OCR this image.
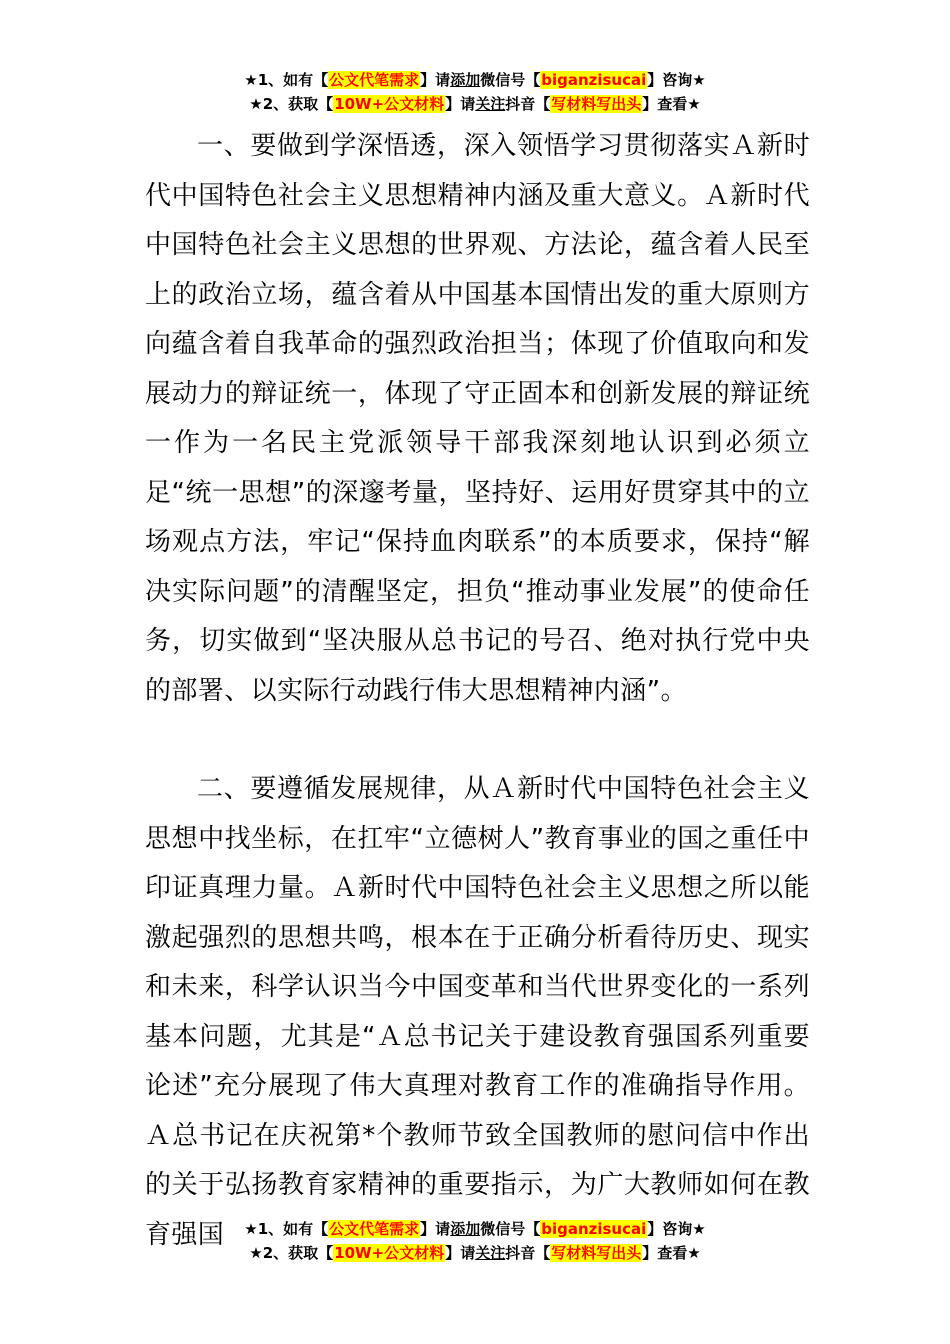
★1、如有【公文代笔需求】请添加微信号【biganzisucai】咨询★
★2、获取【10W+公文材料】请关注抖音【写材料写出头】查看★

一、要做到学深悟透，深入领悟学习贯彻落实Ａ新时代中国特色社会主义思想精神内涵及重大意义。Ａ新时代中国特色社会主义思想的世界观、方法论，蕴含着人民至上的政治立场，蕴含着从中国基本国情出发的重大原则方向蕴含着自我革命的强烈政治担当；体现了价值取向和发展动力的辩证统一，体现了守正固本和创新发展的辩证统一作为一名民主党派领导干部我深刻地认识到必须立足“统一思想”的深邃考量，坚持好、运用好贯穿其中的立场观点方法，牢记“保持血肉联系”的本质要求，保持“解决实际问题”的清醒坚定，担负“推动事业发展”的使命任务，切实做到“坚决服从总书记的号召、绝对执行党中央的部署、以实际行动践行伟大思想精神内涵”。

二、要遵循发展规律，从Ａ新时代中国特色社会主义思想中找坐标，在扛牢“立德树人”教育事业的国之重任中印证真理力量。Ａ新时代中国特色社会主义思想之所以能激起强烈的思想共鸣，根本在于正确分析看待历史、现实和未来，科学认识当今中国变革和当代世界变化的一系列基本问题，尤其是“Ａ总书记关于建设教育强国系列重要论述”充分展现了伟大真理对教育工作的准确指导作用。Ａ总书记在庆祝第*个教师节致全国教师的慰问信中作出的关于弘扬教育家精神的重要指示，为广大教师如何在教育强国	★1、如有【公文代笔需求】请添加微信号【biganzisucai】咨询★
★2、获取【10W+公文材料】请关注抖音【写材料写出头】查看★
